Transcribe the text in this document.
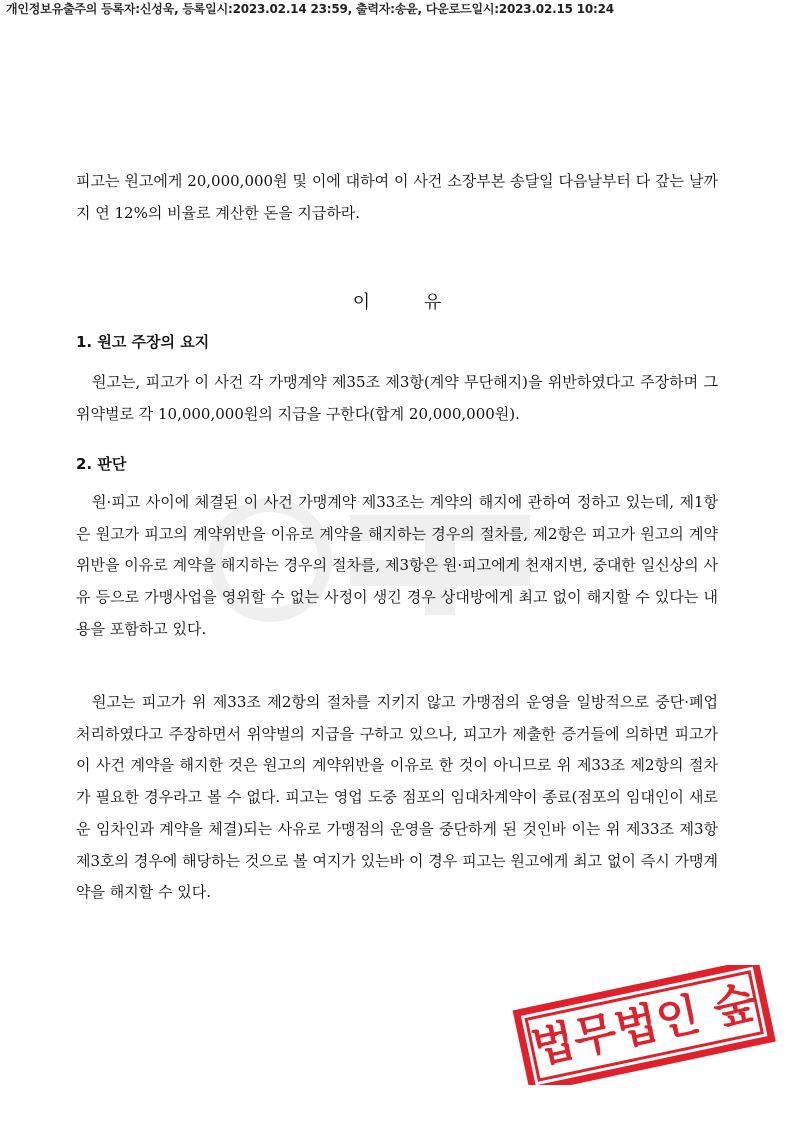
개인정보유출주의 등록자:신성욱, 등록일시:2023.02.14 23:59, 출력자:송윤, 다운로드일시:2023.02.15 10:24

피고는 원고에게 20,000,000원 및 이에 대하여 이 사건 소장부본 송달일 다음날부터 다 갚는 날까지 연 12%의 비율로 계산한 돈을 지급하라.

이 유
1. 원고 주장의 요지

원고는, 피고가 이 사건 각 가맹계약 제35조 제3항(계약 무단해지)을 위반하였다고 주장하며 그 위약벌로 각 10,000,000원의 지급을 구한다(합계 20,000,000원).

2. 판단

원·피고 사이에 체결된 이 사건 가맹계약 제33조는 계약의 해지에 관하여 정하고 있는데, 제1항은 원고가 피고의 계약위반을 이유로 계약을 해지하는 경우의 절차를, 제2항은 피고가 원고의 계약위반을 이유로 계약을 해지하는 경우의 절차를, 제3항은 원·피고에게 천재지변, 중대한 일신상의 사유 등으로 가맹사업을 영위할 수 없는 사정이 생긴 경우 상대방에게 최고 없이 해지할 수 있다는 내용을 포함하고 있다.

원고는 피고가 위 제33조 제2항의 절차를 지키지 않고 가맹점의 운영을 일방적으로 중단·폐업 처리하였다고 주장하면서 위약벌의 지급을 구하고 있으나, 피고가 제출한 증거들에 의하면 피고가 이 사건 계약을 해지한 것은 원고의 계약위반을 이유로 한 것이 아니므로 위 제33조 제2항의 절차가 필요한 경우라고 볼 수 없다. 피고는 영업 도중 점포의 임대차계약이 종료(점포의 임대인이 새로운 임차인과 계약을 체결)되는 사유로 가맹점의 운영을 중단하게 된 것인바 이는 위 제33조 제3항 제3호의 경우에 해당하는 것으로 볼 여지가 있는바 이 경우 피고는 원고에게 최고 없이 즉시 가맹계약을 해지할 수 있다.

법무법인 숲
